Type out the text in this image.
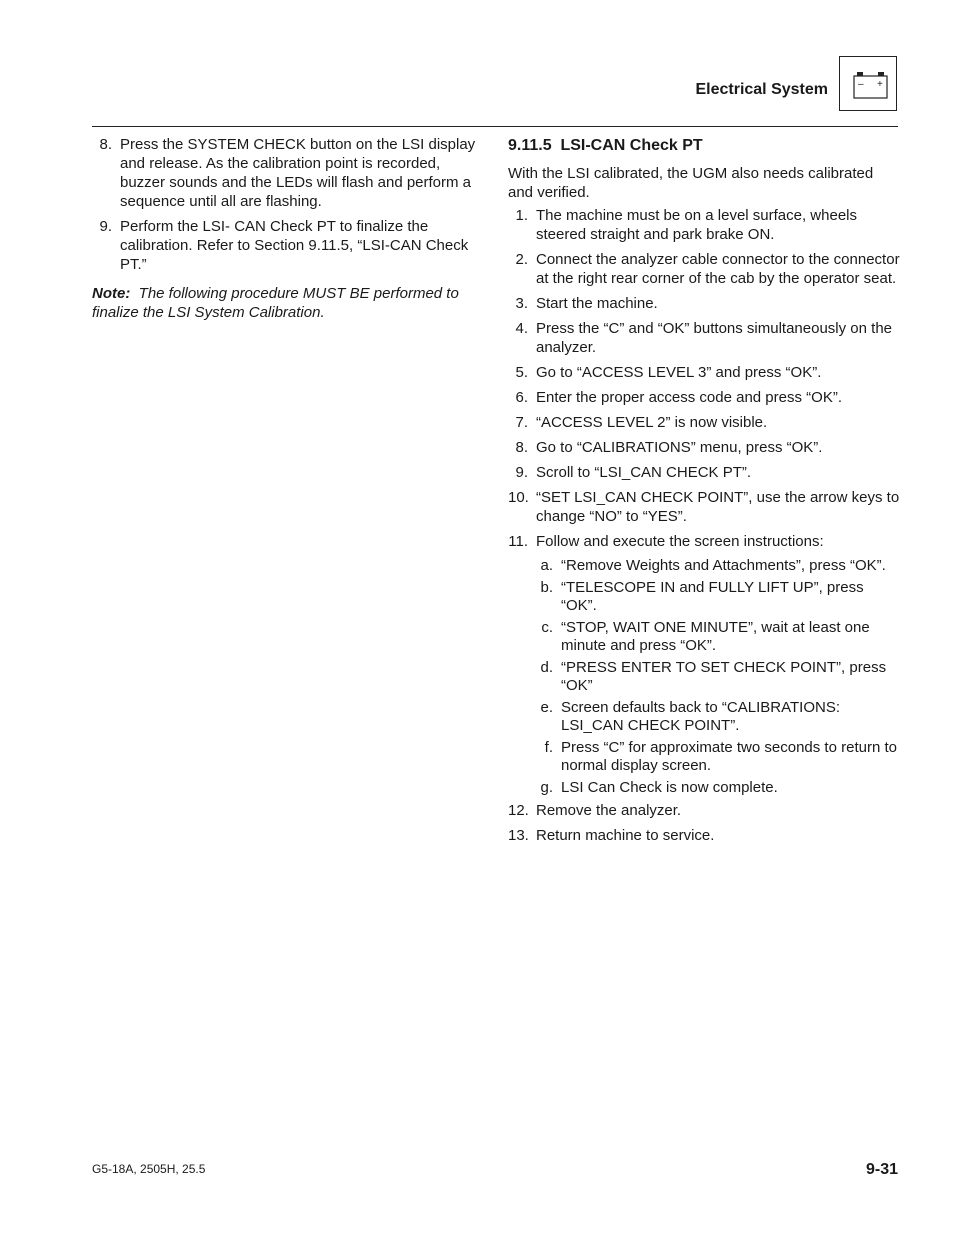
Electrical System	– +
8. Press the SYSTEM CHECK button on the LSI display and release. As the calibration point is recorded, buzzer sounds and the LEDs will flash and perform a sequence until all are flashing.
9. Perform the LSI- CAN Check PT to finalize the calibration. Refer to Section 9.11.5, “LSI-CAN Check PT.”
Note: The following procedure MUST BE performed to finalize the LSI System Calibration.
9.11.5 LSI-CAN Check PT
With the LSI calibrated, the UGM also needs calibrated and verified.
1. The machine must be on a level surface, wheels steered straight and park brake ON.
2. Connect the analyzer cable connector to the connector at the right rear corner of the cab by the operator seat.
3. Start the machine.
4. Press the “C” and “OK” buttons simultaneously on the analyzer.
5. Go to “ACCESS LEVEL 3” and press “OK”.
6. Enter the proper access code and press “OK”.
7. “ACCESS LEVEL 2” is now visible.
8. Go to “CALIBRATIONS” menu, press “OK”.
9. Scroll to “LSI_CAN CHECK PT”.
10. “SET LSI_CAN CHECK POINT”, use the arrow keys to change “NO” to “YES”.
11. Follow and execute the screen instructions:
a. “Remove Weights and Attachments”, press “OK”.
b. “TELESCOPE IN and FULLY LIFT UP”, press “OK”.
c. “STOP, WAIT ONE MINUTE”, wait at least one minute and press “OK”.
d. “PRESS ENTER TO SET CHECK POINT”, press “OK”
e. Screen defaults back to “CALIBRATIONS: LSI_CAN CHECK POINT”.
f. Press “C” for approximate two seconds to return to normal display screen.
g. LSI Can Check is now complete.
12. Remove the analyzer.
13. Return machine to service.
G5-18A, 2505H, 25.5	9-31
